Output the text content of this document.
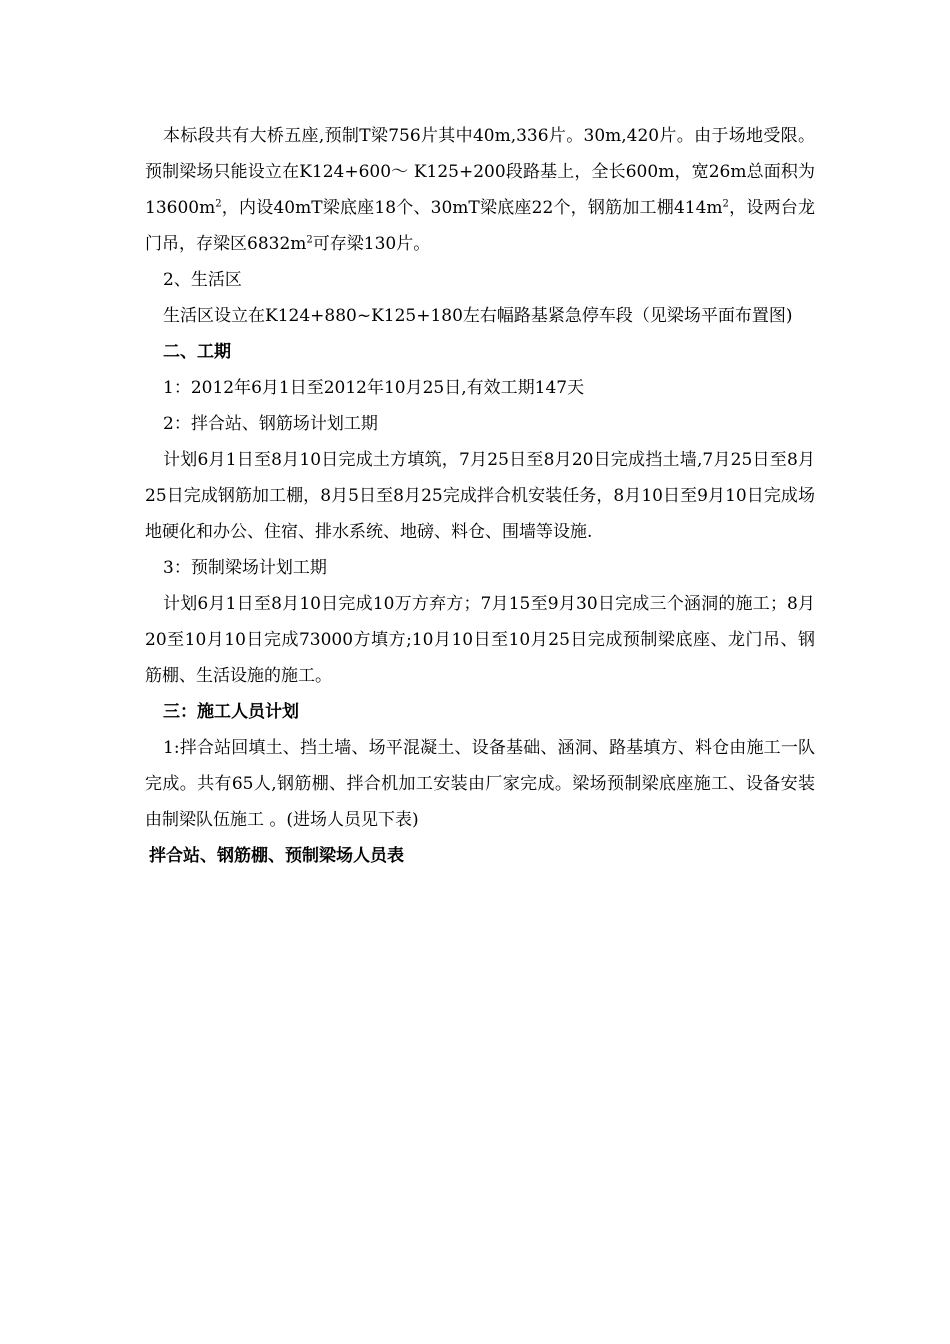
本标段共有大桥五座,预制T梁756片其中40m,336片。30m,420片。由于场地受限。预制梁场只能设立在K124+600～ K125+200段路基上，全长600m，宽26m总面积为$13600m^2$，内设40mT梁底座18个、30mT梁底座22个，钢筋加工棚$414m^2$，设两台龙门吊，存梁区$6832m^2$可存梁130片。

2、生活区

生活区设立在K124+880~K125+180左右幅路基紧急停车段（见梁场平面布置图)

二、工期

1：2012年6月1日至2012年10月25日,有效工期147天

2：拌合站、钢筋场计划工期

计划6月1日至8月10日完成土方填筑，7月25日至8月20日完成挡土墙,7月25日至8月25日完成钢筋加工棚，8月5日至8月25完成拌合机安装任务，8月10日至9月10日完成场地硬化和办公、住宿、排水系统、地磅、料仓、围墙等设施.

3：预制梁场计划工期

计划6月1日至8月10日完成10万方弃方；7月15至9月30日完成三个涵洞的施工；8月20至10月10日完成73000方填方;10月10日至10月25日完成预制梁底座、龙门吊、钢筋棚、生活设施的施工。

三：施工人员计划

1:拌合站回填土、挡土墙、场平混凝土、设备基础、涵洞、路基填方、料仓由施工一队完成。共有65人,钢筋棚、拌合机加工安装由厂家完成。梁场预制梁底座施工、设备安装由制梁队伍施工 。(进场人员见下表)

拌合站、钢筋棚、预制梁场人员表
